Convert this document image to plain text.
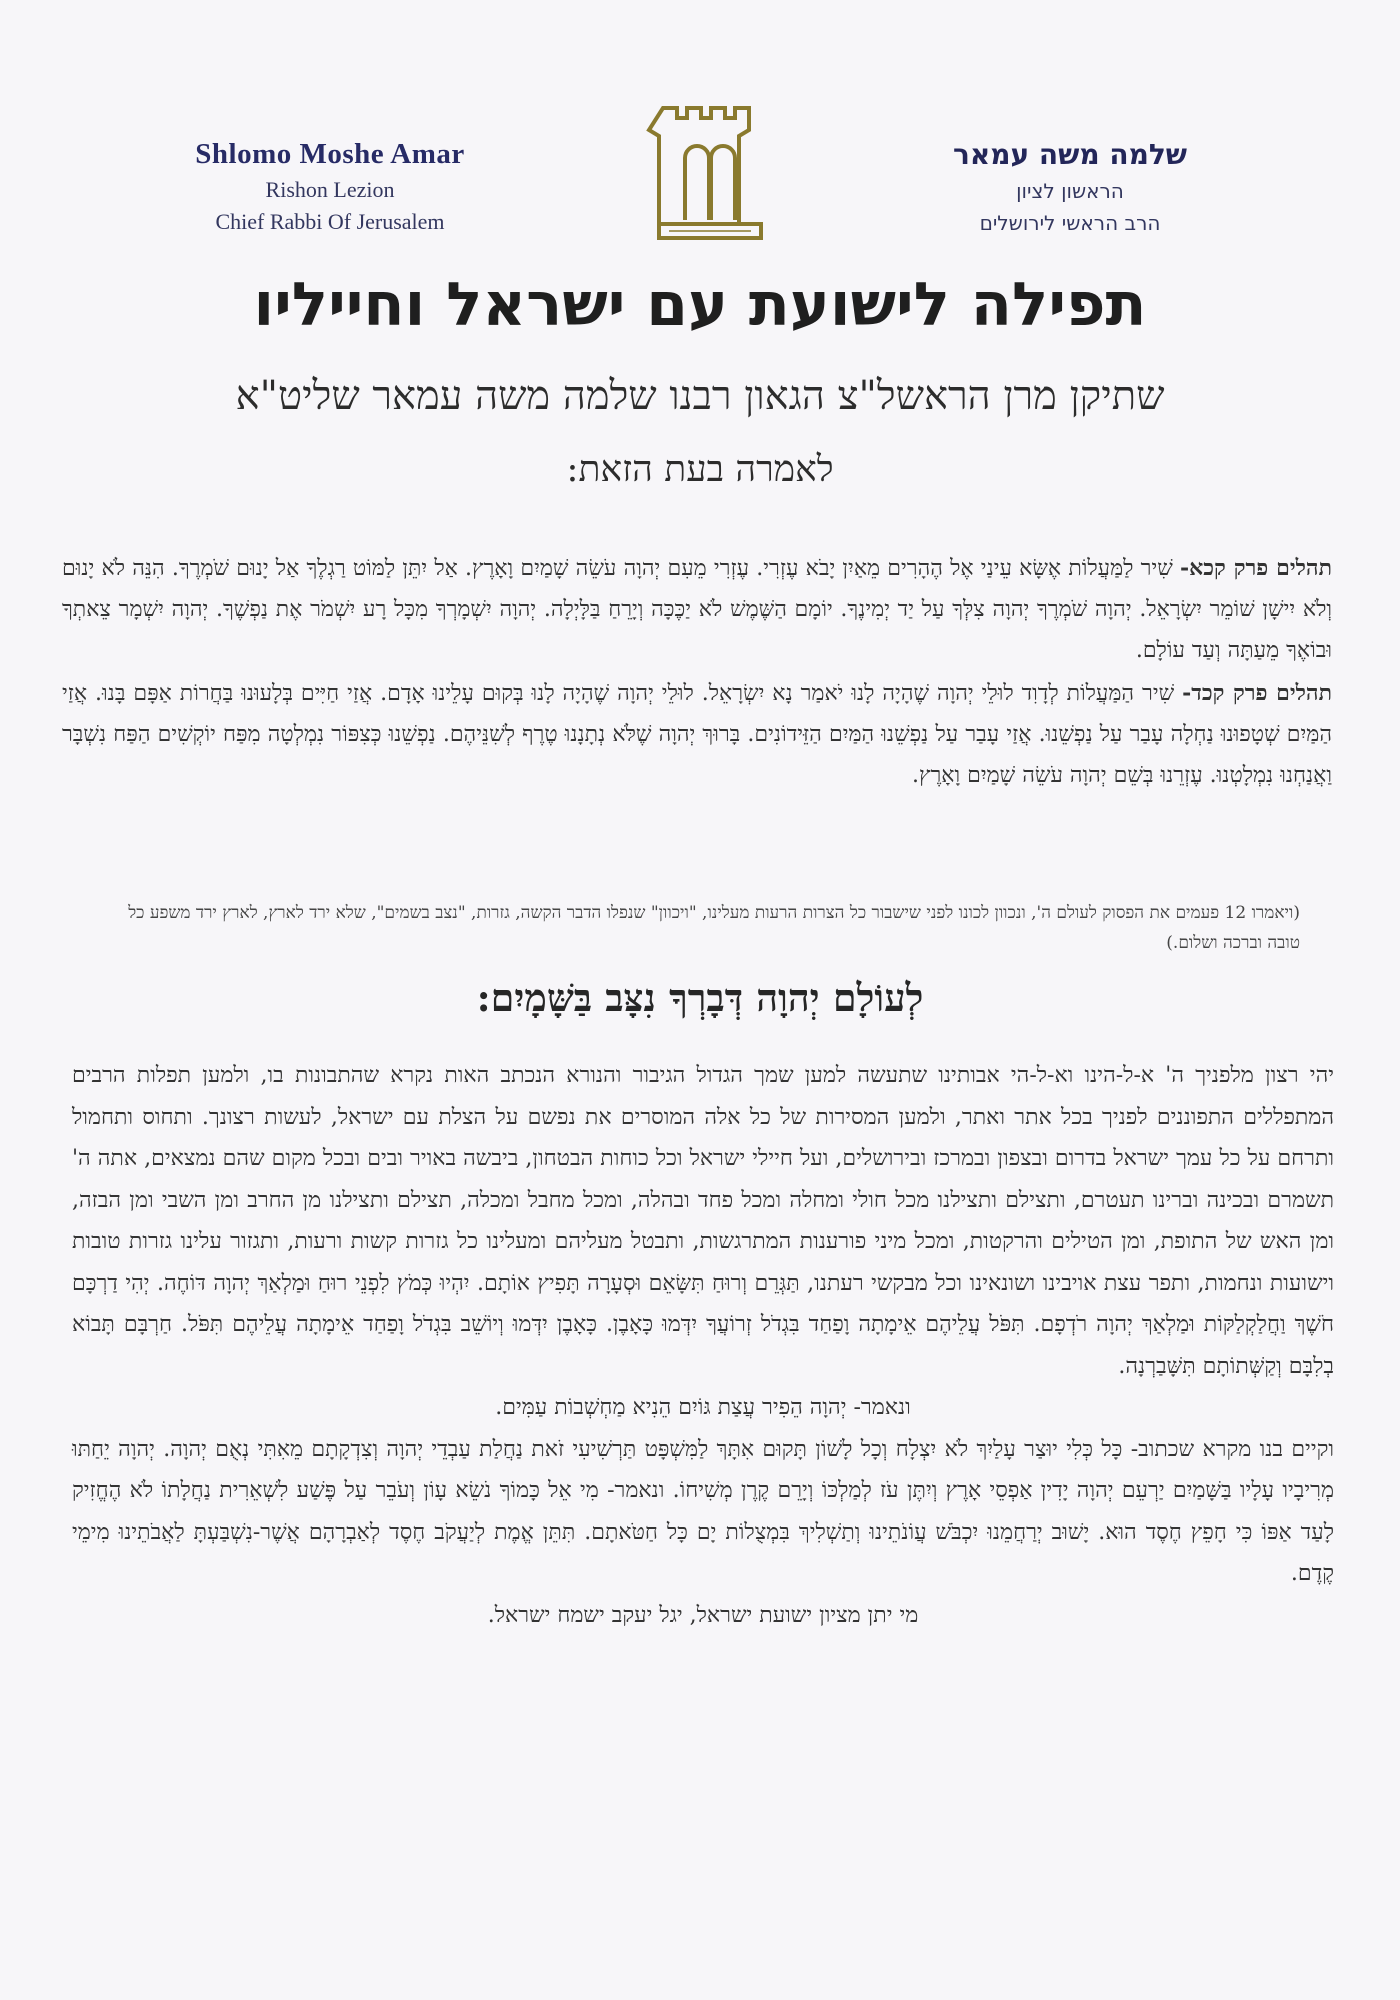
Shlomo Moshe Amar
Rishon Lezion
Chief Rabbi Of Jerusalem
שלמה משה עמאר
הראשון לציון
הרב הראשי לירושלים
תפילה לישועת עם ישראל וחייליו
שתיקן מרן הראשל"צ הגאון רבנו שלמה משה עמאר שליט"א
לאמרה בעת הזאת:

תהלים פרק קכא- שִׁיר לַמַּעֲלוֹת אֶשָּׂא עֵינַי אֶל הֶהָרִים מֵאַיִן יָבֹא עֶזְרִי. עֶזְרִי מֵעִם יְהוָה עֹשֵׂה שָׁמַיִם וָאָרֶץ. אַל יִתֵּן לַמּוֹט רַגְלֶךָ אַל יָנוּם שֹׁמְרֶךָ. הִנֵּה לֹא יָנוּם וְלֹא יִישָׁן שׁוֹמֵר יִשְׂרָאֵל. יְהוָה שֹׁמְרֶךָ יְהוָה צִלְּךָ עַל יַד יְמִינֶךָ. יוֹמָם הַשֶּׁמֶשׁ לֹא יַכֶּכָּה וְיָרֵחַ בַּלָּיְלָה. יְהוָה יִשְׁמָרְךָ מִכָּל רָע יִשְׁמֹר אֶת נַפְשֶׁךָ. יְהוָה יִשְׁמָר צֵאתְךָ וּבוֹאֶךָ מֵעַתָּה וְעַד עוֹלָם.

תהלים פרק קכד- שִׁיר הַמַּעֲלוֹת לְדָוִד לוּלֵי יְהוָה שֶׁהָיָה לָנוּ יֹאמַר נָא יִשְׂרָאֵל. לוּלֵי יְהוָה שֶׁהָיָה לָנוּ בְּקוּם עָלֵינוּ אָדָם. אֲזַי חַיִּים בְּלָעוּנוּ בַּחֲרוֹת אַפָּם בָּנוּ. אֲזַי הַמַּיִם שְׁטָפוּנוּ נַחְלָה עָבַר עַל נַפְשֵׁנוּ. אֲזַי עָבַר עַל נַפְשֵׁנוּ הַמַּיִם הַזֵּידוֹנִים. בָּרוּךְ יְהוָה שֶׁלֹּא נְתָנָנוּ טֶרֶף לְשִׁנֵּיהֶם. נַפְשֵׁנוּ כְּצִפּוֹר נִמְלְטָה מִפַּח יוֹקְשִׁים הַפַּח נִשְׁבָּר וַאֲנַחְנוּ נִמְלָטְנוּ. עֶזְרֵנוּ בְּשֵׁם יְהוָה עֹשֵׂה שָׁמַיִם וָאָרֶץ.

(ויאמרו 12 פעמים את הפסוק לעולם ה', ונכוון לכונו לפני שישבור כל הצרות הרעות מעלינו, "ויכוון" שנפלו הדבר הקשה, גזרות, "נצב בשמים", שלא ירד לארץ, לארץ ירד משפע כל טובה וברכה ושלום.)
לְעוֹלָם יְהוָה דְּבָרְךָ נִצָּב בַּשָּׁמָיִם:

יהי רצון מלפניך ה' א-ל-הינו וא-ל-הי אבותינו שתעשה למען שמך הגדול הגיבור והנורא הנכתב האות נקרא שהתבונות בו, ולמען תפלות הרבים המתפללים התפוננים לפניך בכל אתר ואתר, ולמען המסירות של כל אלה המוסרים את נפשם על הצלת עם ישראל, לעשות רצונך. ותחוס ותחמול ותרחם על כל עמך ישראל בדרום ובצפון ובמרכז ובירושלים, ועל חיילי ישראל וכל כוחות הבטחון, ביבשה באויר ובים ובכל מקום שהם נמצאים, אתה ה' תשמרם ובכינה וברינו תעטרם, ותצילם ותצילנו מכל חולי ומחלה ומכל פחד ובהלה, ומכל מחבל ומכלה, תצילם ותצילנו מן החרב ומן השבי ומן הבזה, ומן האש של התופת, ומן הטילים והרקטות, ומכל מיני פורענות המתרגשות, ותבטל מעליהם ומעלינו כל גזרות קשות ורעות, ותגזור עלינו גזרות טובות וישועות ונחמות, ותפר עצת אויבינו ושונאינו וכל מבקשי רעתנו, תַּגְּרֵם וְרוּחַ תִּשָּׂאֵם וּסְעָרָה תָּפִיץ אוֹתָם. יִהְיוּ כְּמֹץ לִפְנֵי רוּחַ וּמַלְאַךְ יְהוָה דּוֹחֶה. יְהִי דַרְכָּם חֹשֶׁךְ וַחֲלַקְלַקּוֹת וּמַלְאַךְ יְהוָה רֹדְפָם. תִּפֹּל עֲלֵיהֶם אֵימָתָה וָפַחַד בִּגְדֹל זְרוֹעֲךָ יִדְּמוּ כָּאָבֶן. כָּאָבֶן יִדְּמוּ וְיוֹשֵׁב בִּגְדֹל וָפַחַד אֵימָתָה עֲלֵיהֶם תִּפֹּל. חַרְבָּם תָּבוֹא בְלִבָּם וְקַשְּׁתוֹתָם תִּשָּׁבַרְנָה.

ונאמר- יְהוָה הֵפִיר עֲצַת גּוֹיִם הֵנִיא מַחְשְׁבוֹת עַמִּים.

וקיים בנו מקרא שכתוב- כָּל כְּלִי יוּצַר עָלַיִךְ לֹא יִצְלָח וְכָל לָשׁוֹן תָּקוּם אִתָּךְ לַמִּשְׁפָּט תַּרְשִׁיעִי זֹאת נַחֲלַת עַבְדֵי יְהוָה וְצִדְקָתָם מֵאִתִּי נְאֻם יְהוָה. יְהוָה יֵחַתּוּ מְרִיבָיו עָלָיו בַּשָּׁמַיִם יַרְעֵם יְהוָה יָדִין אַפְסֵי אָרֶץ וְיִתֶּן עֹז לְמַלְכּוֹ וְיָרֵם קֶרֶן מְשִׁיחוֹ. ונאמר- מִי אֵל כָּמוֹךָ נֹשֵׂא עָוֹן וְעֹבֵר עַל פֶּשַׁע לִשְׁאֵרִית נַחֲלָתוֹ לֹא הֶחֱזִיק לָעַד אַפּוֹ כִּי חָפֵץ חֶסֶד הוּא. יָשׁוּב יְרַחֲמֵנוּ יִכְבֹּשׁ עֲוֹנֹתֵינוּ וְתַשְׁלִיךְ בִּמְצֻלוֹת יָם כָּל חַטֹּאתָם. תִּתֵּן אֱמֶת לְיַעֲקֹב חֶסֶד לְאַבְרָהָם אֲשֶׁר-נִשְׁבַּעְתָּ לַאֲבֹתֵינוּ מִימֵי קֶדֶם.

מי יתן מציון ישועת ישראל, יגל יעקב ישמח ישראל.
